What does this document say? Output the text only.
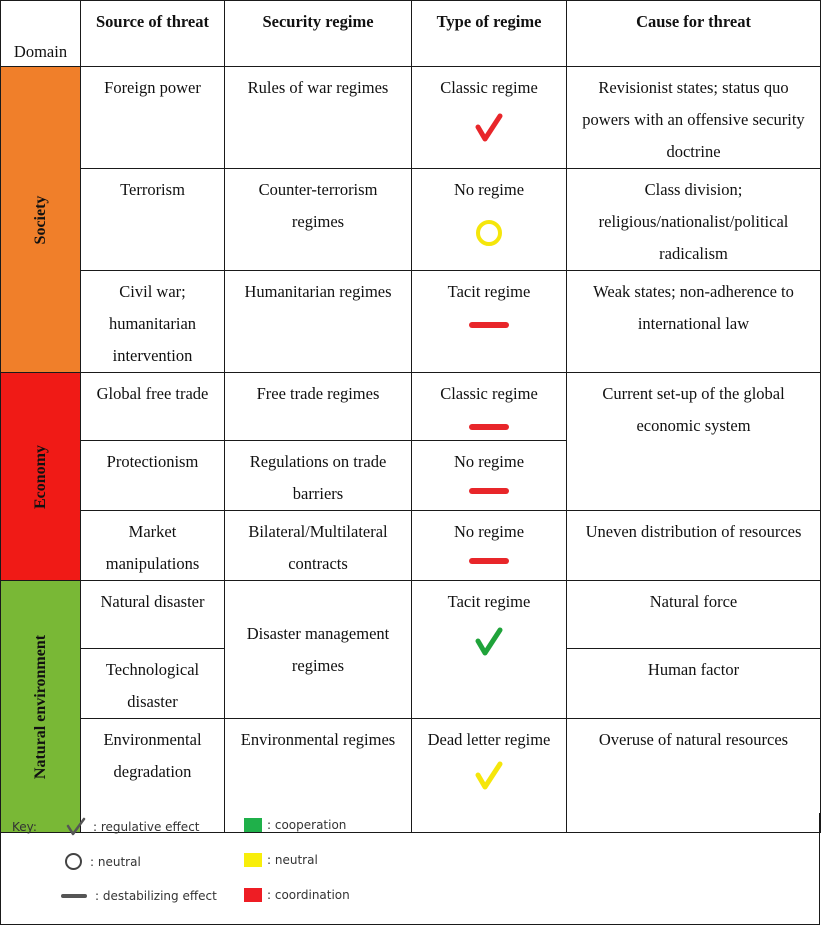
	Source of threat	Security regime	Type of regime	Cause for threat

Domain				

Society	Foreign power	Rules of war regimes	Classic regime	Revisionist states; status quo powers with an offensive security doctrine
	Terrorism	Counter-terrorism regimes	No regime	Class division; religious/nationalist/political radicalism
	Civil war; humanitarian intervention	Humanitarian regimes	Tacit regime	Weak states; non-adherence to international law

Economy	Global free trade	Free trade regimes	Classic regime	Current set-up of the global economic system
	Protectionism	Regulations on trade barriers	No regime	

	Market manipulations	Bilateral/Multilateral contracts	No regime	Uneven distribution of resources

Natural environment	Natural disaster	Disaster management regimes	Tacit regime	Natural force
	Technological disaster			Human factor
	Environmental degradation	Environmental regimes	Dead letter regime	Overuse of natural resources
Key:	: regulative effect
: neutral
: destabilizing effect
: cooperation
: neutral
: coordination
